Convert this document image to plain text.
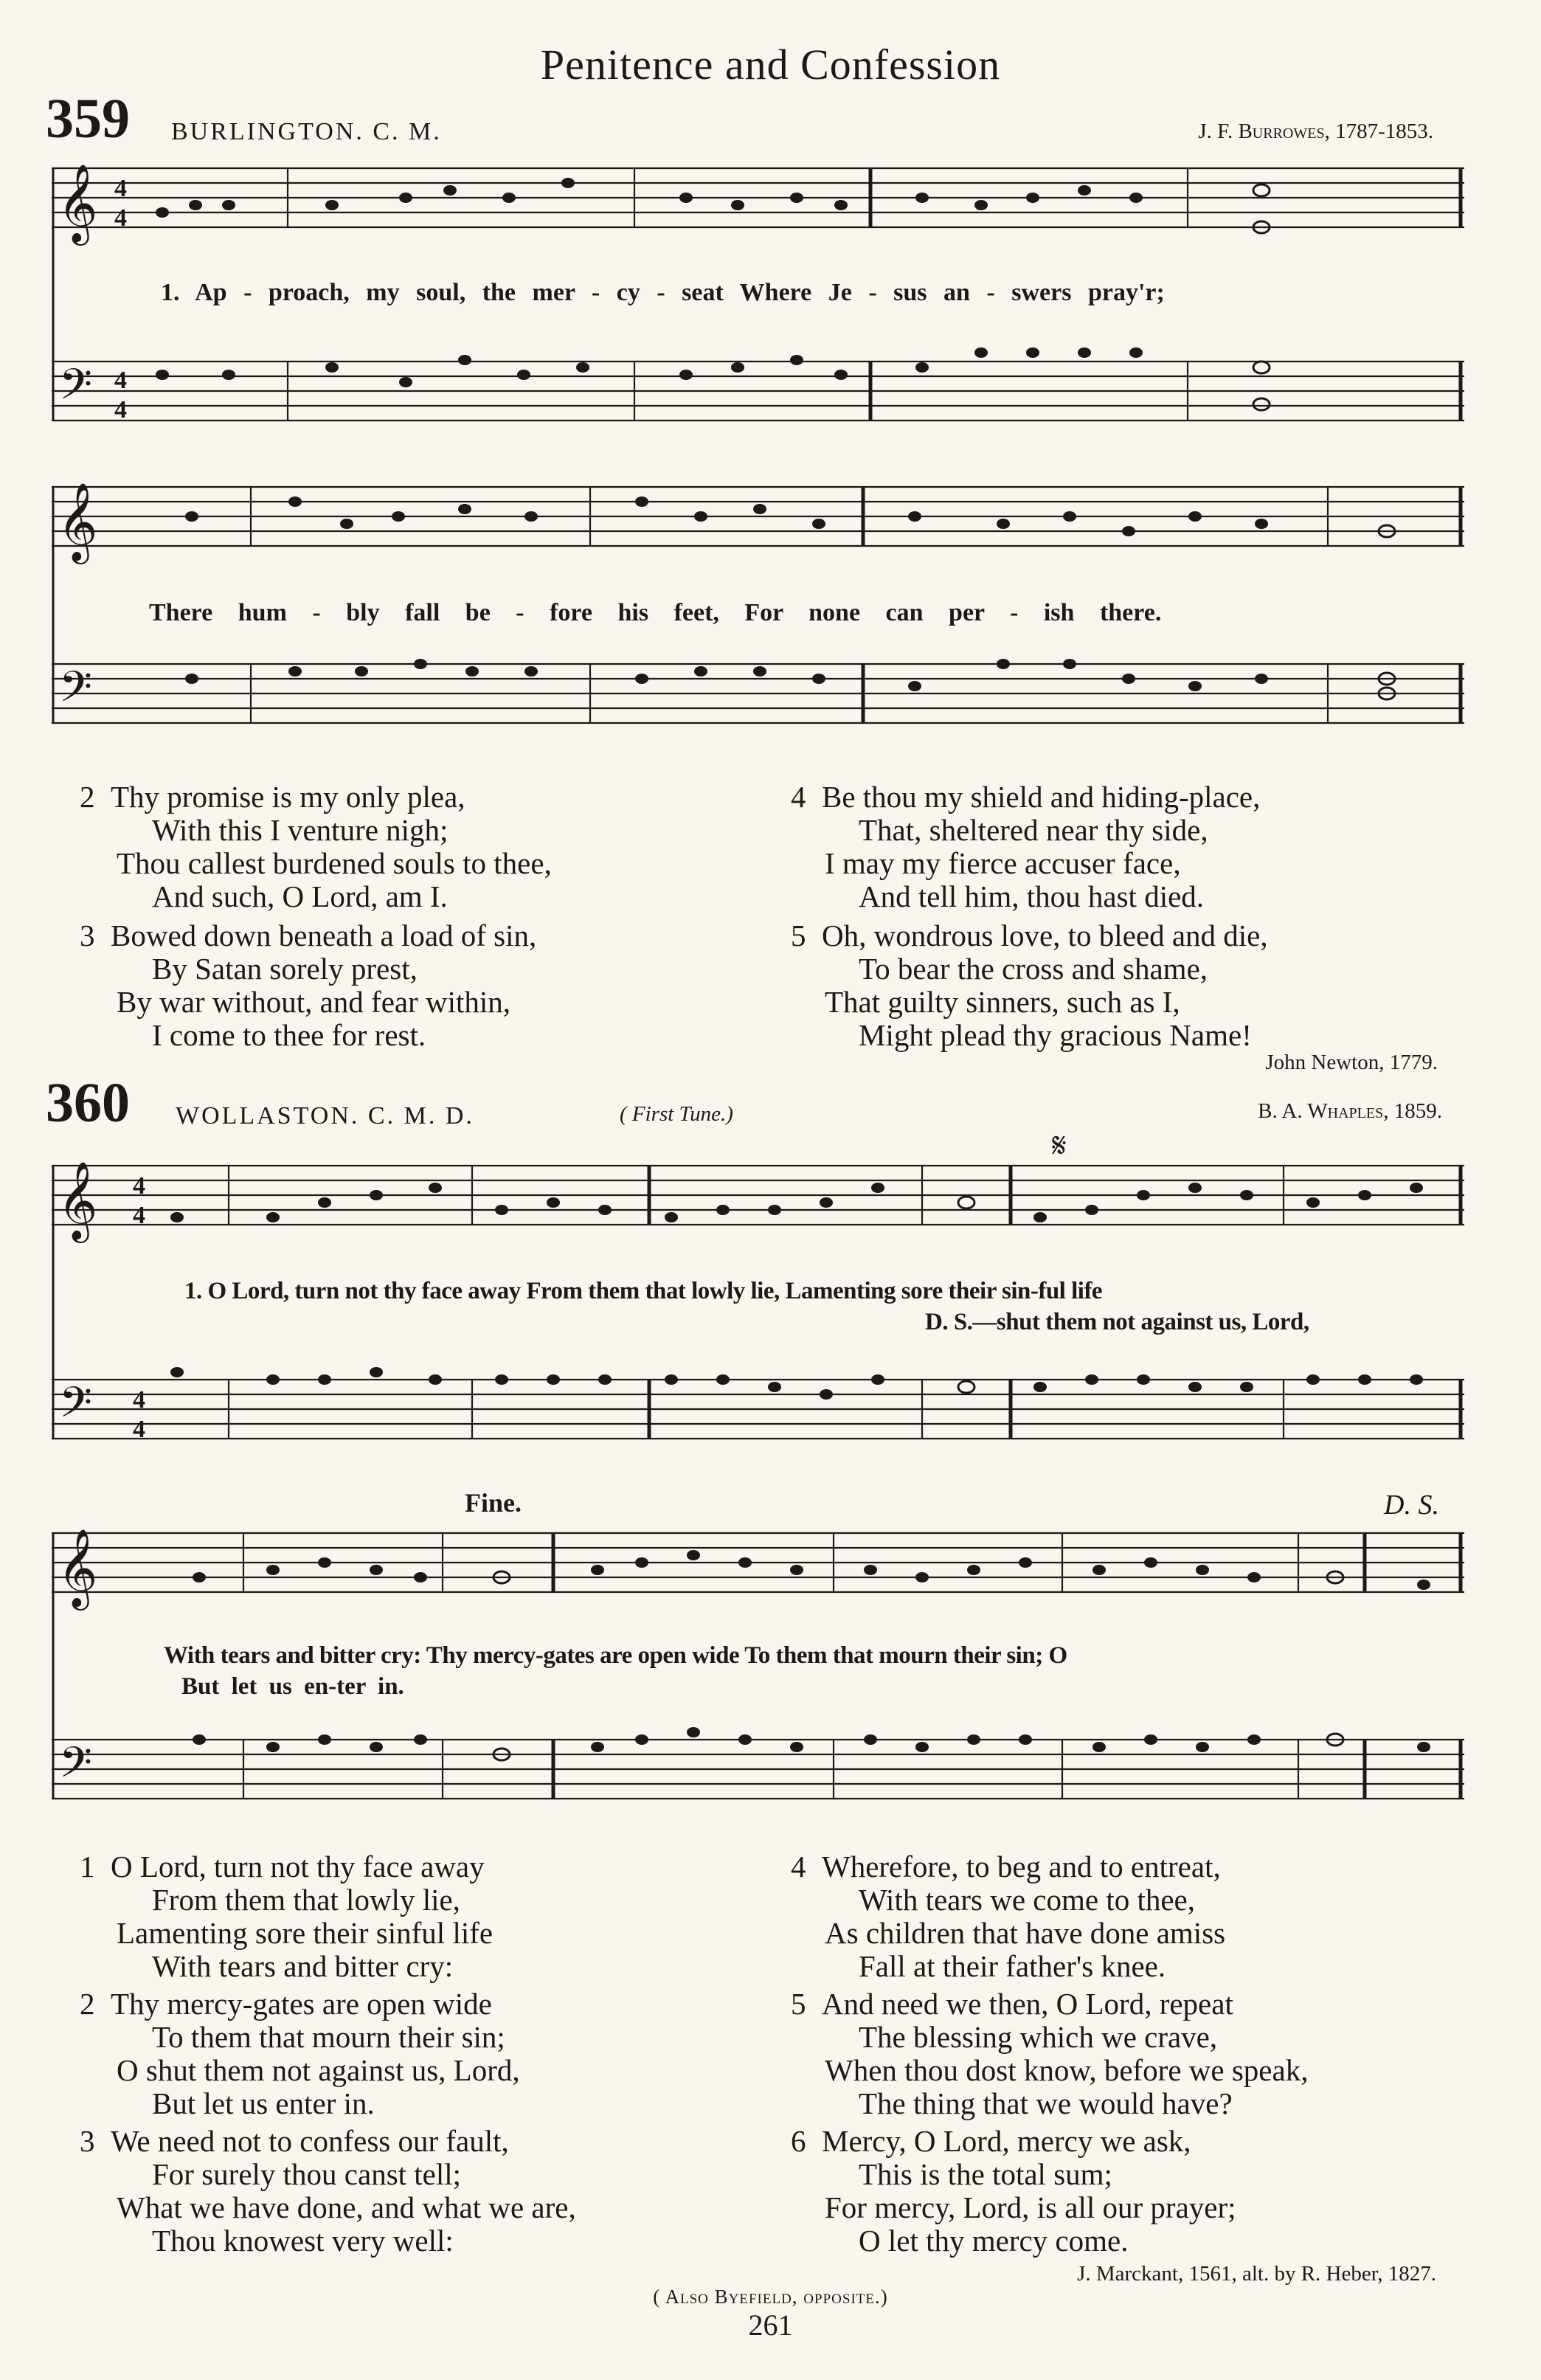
Penitence and Confession
359 BURLINGTON. C. M.	J. F. Burrowes, 1787-1853.
𝄞
𝄢
4
4
4
4
1. Ap - proach, my soul, the mer - cy - seat Where Je - sus an - swers pray'r;
𝄞
𝄢
There hum - bly fall be - fore his feet, For none can per - ish there.
2 Thy promise is my only plea,
With this I venture nigh;
Thou callest burdened souls to thee,
And such, O Lord, am I.
3 Bowed down beneath a load of sin,
By Satan sorely prest,
By war without, and fear within,
I come to thee for rest.
4 Be thou my shield and hiding-place,
That, sheltered near thy side,
I may my fierce accuser face,
And tell him, thou hast died.
5 Oh, wondrous love, to bleed and die,
To bear the cross and shame,
That guilty sinners, such as I,
Might plead thy gracious Name!
John Newton, 1779.
360 WOLLASTON. C. M. D.	( First Tune.)	B. A. Whaples, 1859.
𝄋
𝄞
𝄢
4
4
4
4
1. O Lord, turn not thy face away From them that lowly lie, Lamenting sore their sin-ful life
D. S.—shut them not against us, Lord,
Fine.	D. S.
𝄞
𝄢
With tears and bitter cry: Thy mercy-gates are open wide To them that mourn their sin; O
But let us en-ter in.
1 O Lord, turn not thy face away
From them that lowly lie,
Lamenting sore their sinful life
With tears and bitter cry:
2 Thy mercy-gates are open wide
To them that mourn their sin;
O shut them not against us, Lord,
But let us enter in.
3 We need not to confess our fault,
For surely thou canst tell;
What we have done, and what we are,
Thou knowest very well:
4 Wherefore, to beg and to entreat,
With tears we come to thee,
As children that have done amiss
Fall at their father's knee.
5 And need we then, O Lord, repeat
The blessing which we crave,
When thou dost know, before we speak,
The thing that we would have?
6 Mercy, O Lord, mercy we ask,
This is the total sum;
For mercy, Lord, is all our prayer;
O let thy mercy come.
J. Marckant, 1561, alt. by R. Heber, 1827.
( Also Byefield, opposite.)
261
